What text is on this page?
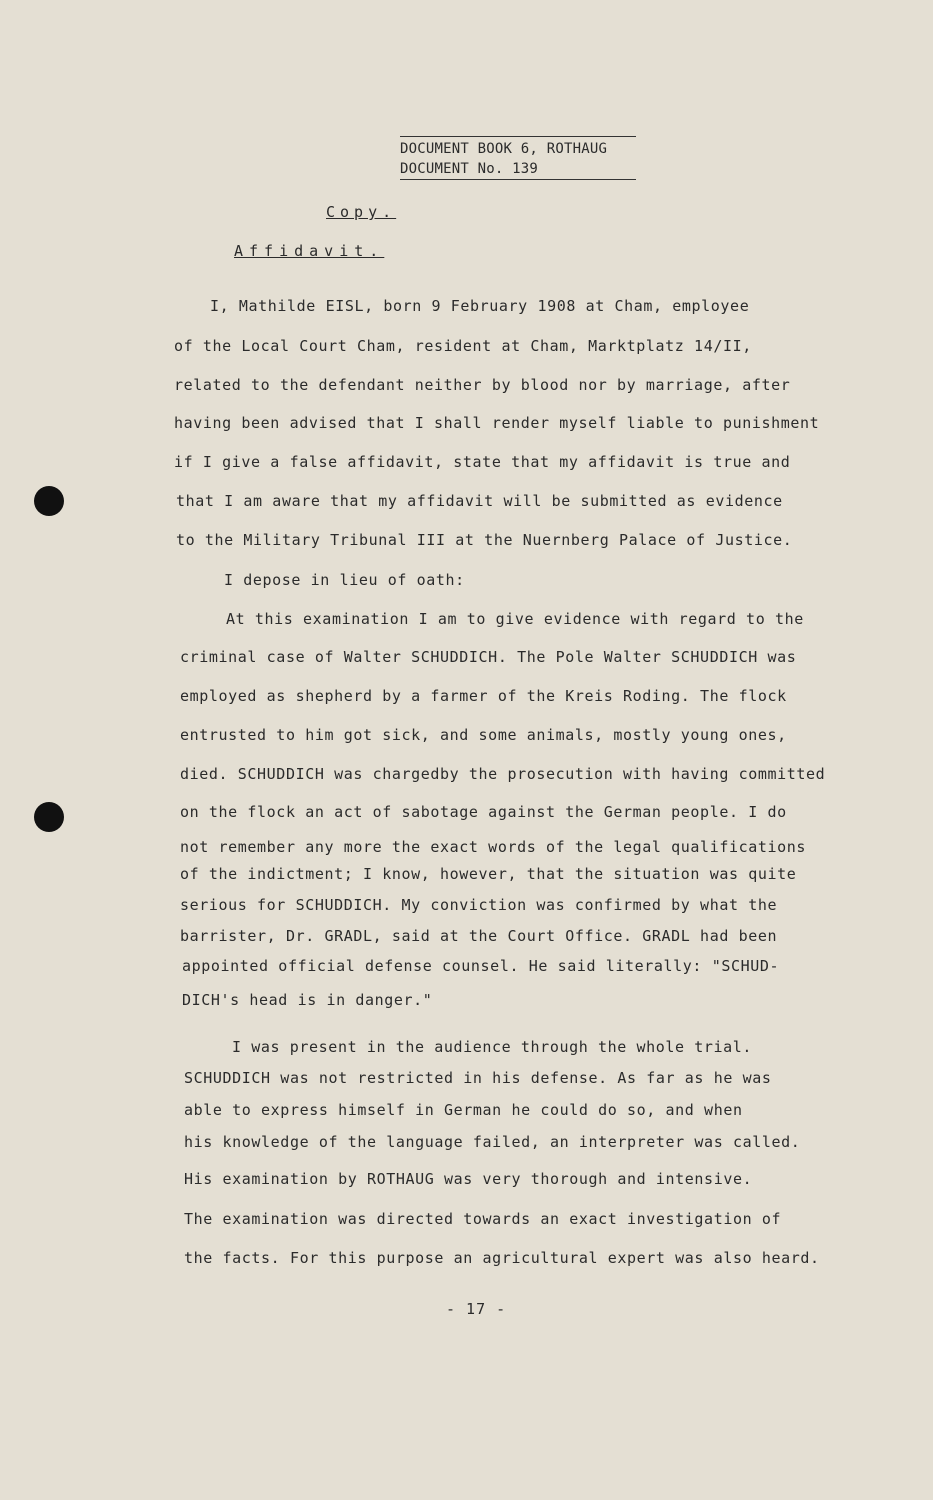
DOCUMENT BOOK 6, ROTHAUG
DOCUMENT No. 139
Copy.
Affidavit.
I, Mathilde EISL, born 9 February 1908 at Cham, employee
of the Local Court Cham, resident at Cham, Marktplatz 14/II,
related to the defendant neither by blood nor by marriage, after
having been advised that I shall render myself liable to punishment
if I give a false affidavit, state that my affidavit is true and
that I am aware that my affidavit will be submitted as evidence
to the Military Tribunal III at the Nuernberg Palace of Justice.
I depose in lieu of oath:
At this examination I am to give evidence with regard to the
criminal case of Walter SCHUDDICH. The Pole Walter SCHUDDICH was
employed as shepherd by a farmer of the Kreis Roding. The flock
entrusted to him got sick, and some animals, mostly young ones,
died. SCHUDDICH was chargedby the prosecution with having committed
on the flock an act of sabotage against the German people. I do
not remember any more the exact words of the legal qualifications
of the indictment; I know, however, that the situation was quite
serious for SCHUDDICH. My conviction was confirmed by what the
barrister, Dr. GRADL, said at the Court Office. GRADL had been
appointed official defense counsel. He said literally: "SCHUD-
DICH's head is in danger."
I was present in the audience through the whole trial.
SCHUDDICH was not restricted in his defense. As far as he was
able to express himself in German he could do so, and when
his knowledge of the language failed, an interpreter was called.
His examination by ROTHAUG was very thorough and intensive.
The examination was directed towards an exact investigation of
the facts. For this purpose an agricultural expert was also heard.
- 17 -
